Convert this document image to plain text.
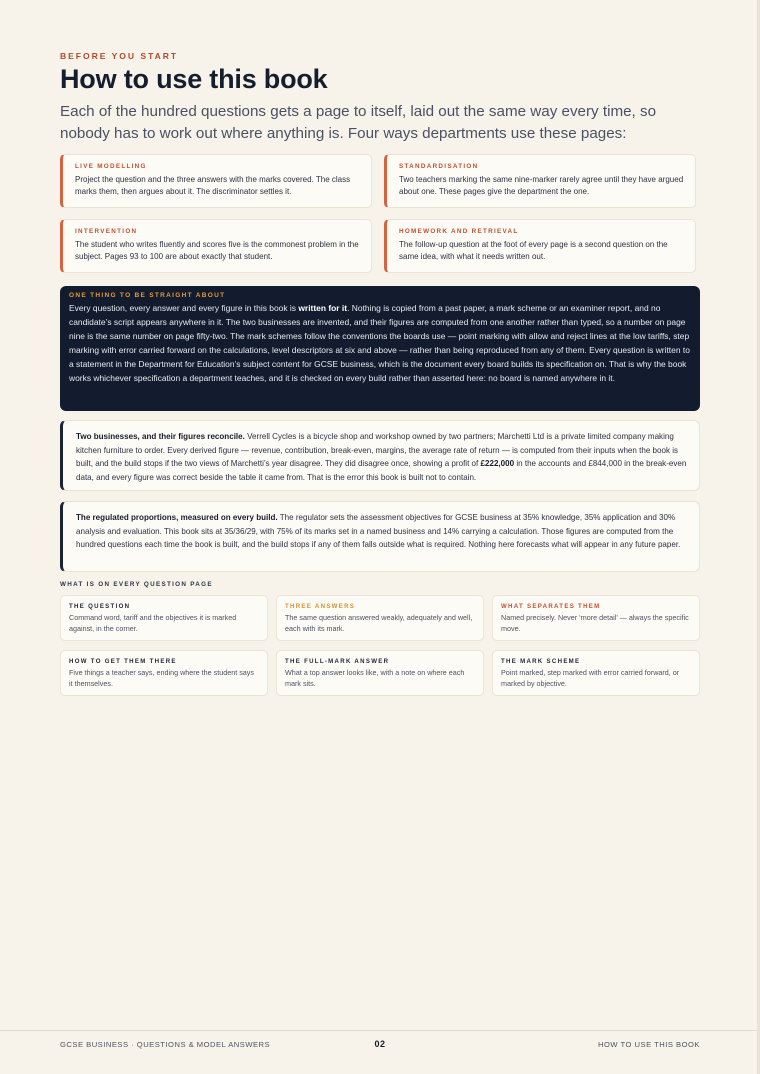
BEFORE YOU START
How to use this book
Each of the hundred questions gets a page to itself, laid out the same way every time, so nobody has to work out where anything is. Four ways departments use these pages:
LIVE MODELLING
Project the question and the three answers with the marks covered. The class marks them, then argues about it. The discriminator settles it.
STANDARDISATION
Two teachers marking the same nine-marker rarely agree until they have argued about one. These pages give the department the one.
INTERVENTION
The student who writes fluently and scores five is the commonest problem in the subject. Pages 93 to 100 are about exactly that student.
HOMEWORK AND RETRIEVAL
The follow-up question at the foot of every page is a second question on the same idea, with what it needs written out.
ONE THING TO BE STRAIGHT ABOUT
Every question, every answer and every figure in this book is written for it. Nothing is copied from a past paper, a mark scheme or an examiner report, and no candidate’s script appears anywhere in it. The two businesses are invented, and their figures are computed from one another rather than typed, so a number on page nine is the same number on page fifty-two. The mark schemes follow the conventions the boards use — point marking with allow and reject lines at the low tariffs, step marking with error carried forward on the calculations, level descriptors at six and above — rather than being reproduced from any of them. Every question is written to a statement in the Department for Education’s subject content for GCSE business, which is the document every board builds its specification on. That is why the book works whichever specification a department teaches, and it is checked on every build rather than asserted here: no board is named anywhere in it.
Two businesses, and their figures reconcile. Verrell Cycles is a bicycle shop and workshop owned by two partners; Marchetti Ltd is a private limited company making kitchen furniture to order. Every derived figure — revenue, contribution, break-even, margins, the average rate of return — is computed from their inputs when the book is built, and the build stops if the two views of Marchetti’s year disagree. They did disagree once, showing a profit of £222,000 in the accounts and £844,000 in the break-even data, and every figure was correct beside the table it came from. That is the error this book is built not to contain.
The regulated proportions, measured on every build. The regulator sets the assessment objectives for GCSE business at 35% knowledge, 35% application and 30% analysis and evaluation. This book sits at 35/36/29, with 75% of its marks set in a named business and 14% carrying a calculation. Those figures are computed from the hundred questions each time the book is built, and the build stops if any of them falls outside what is required. Nothing here forecasts what will appear in any future paper.
WHAT IS ON EVERY QUESTION PAGE
THE QUESTION
Command word, tariff and the objectives it is marked against, in the corner.
THREE ANSWERS
The same question answered weakly, adequately and well, each with its mark.
WHAT SEPARATES THEM
Named precisely. Never ‘more detail’ — always the specific move.
HOW TO GET THEM THERE
Five things a teacher says, ending where the student says it themselves.
THE FULL-MARK ANSWER
What a top answer looks like, with a note on where each mark sits.
THE MARK SCHEME
Point marked, step marked with error carried forward, or marked by objective.
GCSE BUSINESS · QUESTIONS & MODEL ANSWERS	02	HOW TO USE THIS BOOK
